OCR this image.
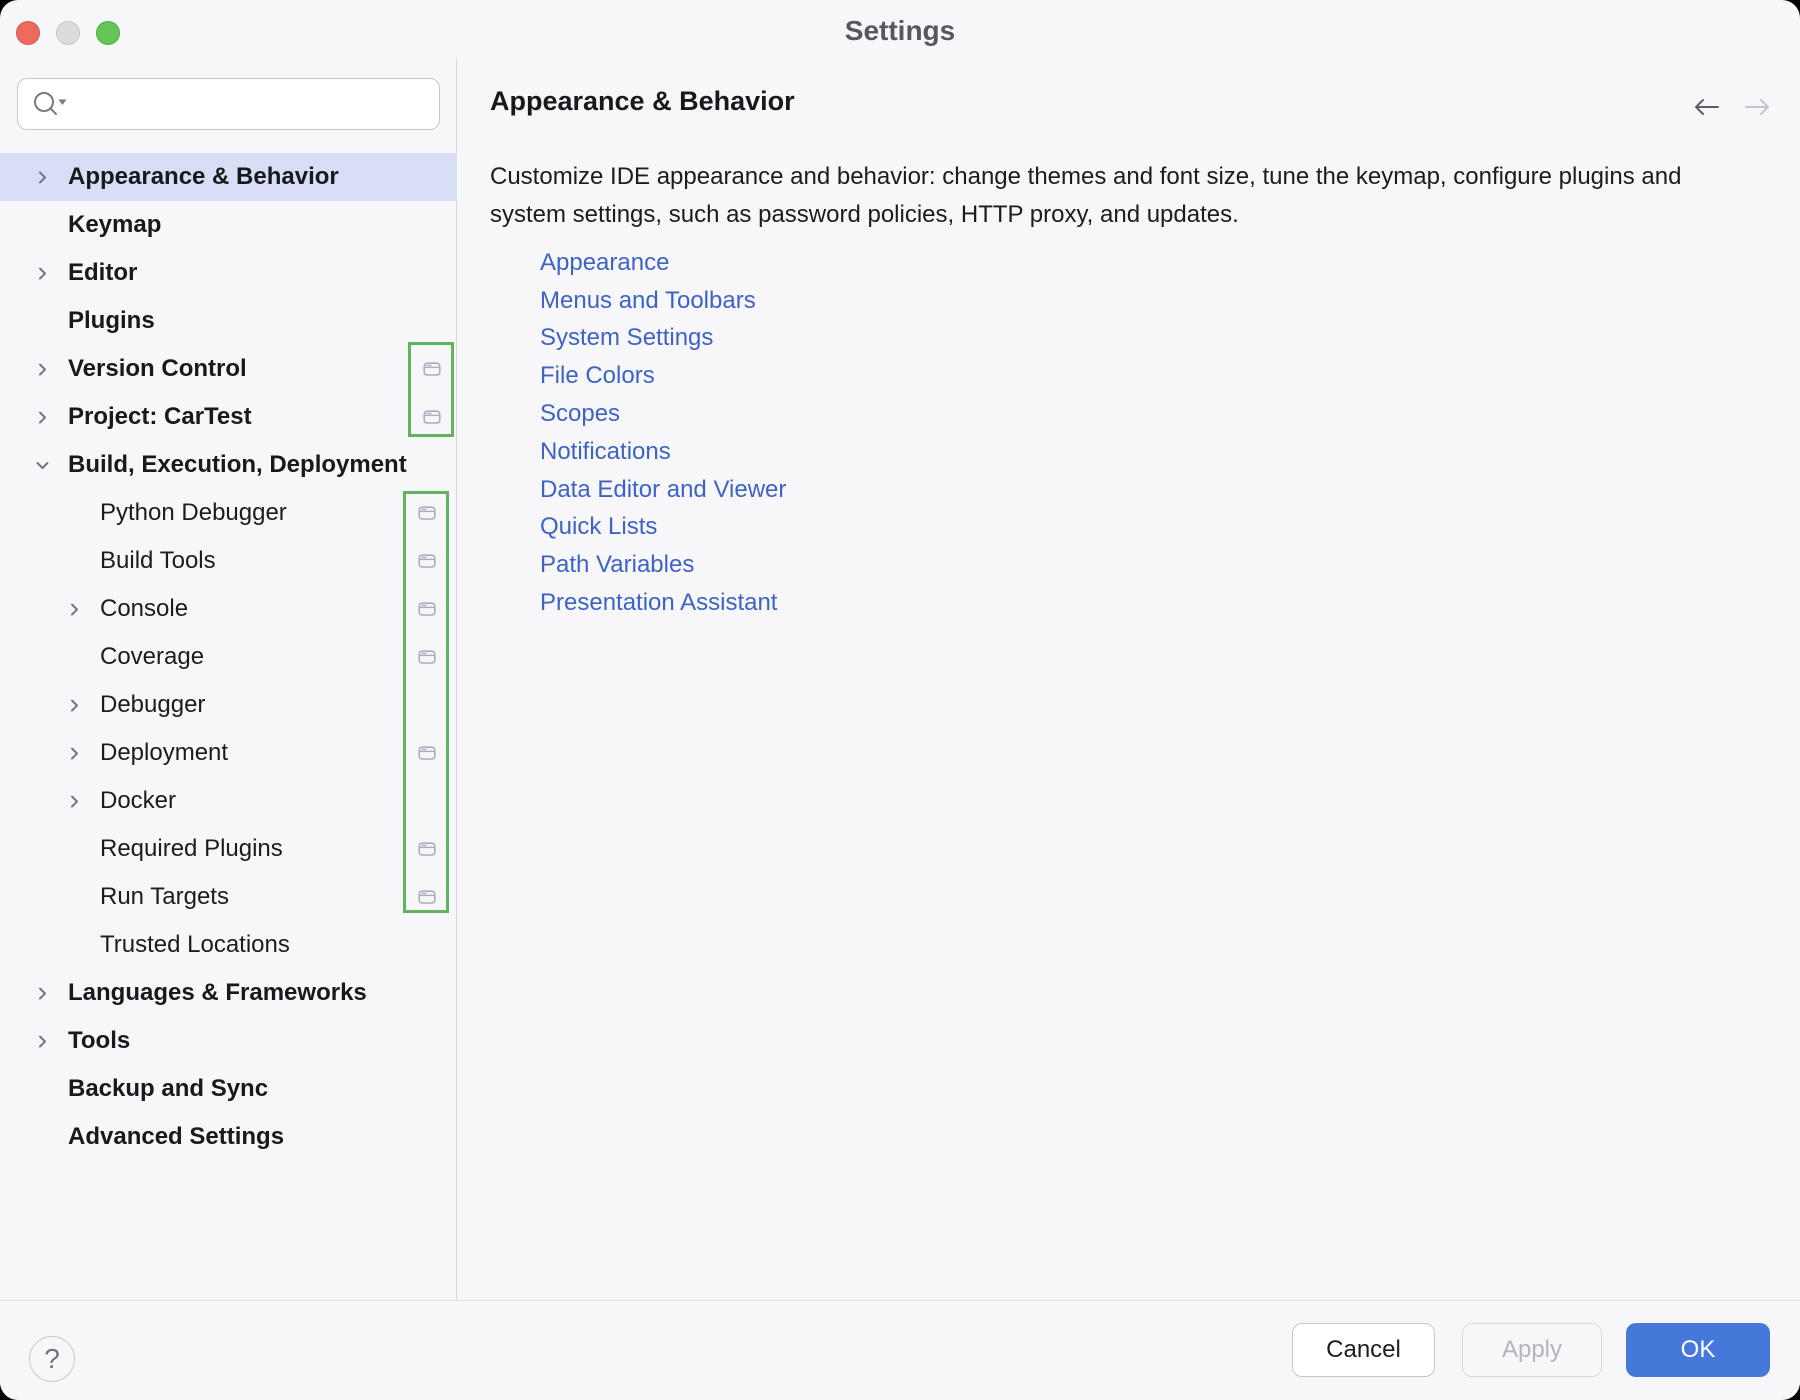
Settings
Appearance & Behavior
Keymap
Editor
Plugins
Version Control
Project: CarTest
Build, Execution, Deployment
Python Debugger
Build Tools
Console
Coverage
Debugger
Deployment
Docker
Required Plugins
Run Targets
Trusted Locations
Languages & Frameworks
Tools
Backup and Sync
Advanced Settings
Appearance & Behavior
Customize IDE appearance and behavior: change themes and font size, tune the keymap, configure plugins and
system settings, such as password policies, HTTP proxy, and updates.
Appearance
Menus and Toolbars
System Settings
File Colors
Scopes
Notifications
Data Editor and Viewer
Quick Lists
Path Variables
Presentation Assistant
?	Cancel	Apply	OK
